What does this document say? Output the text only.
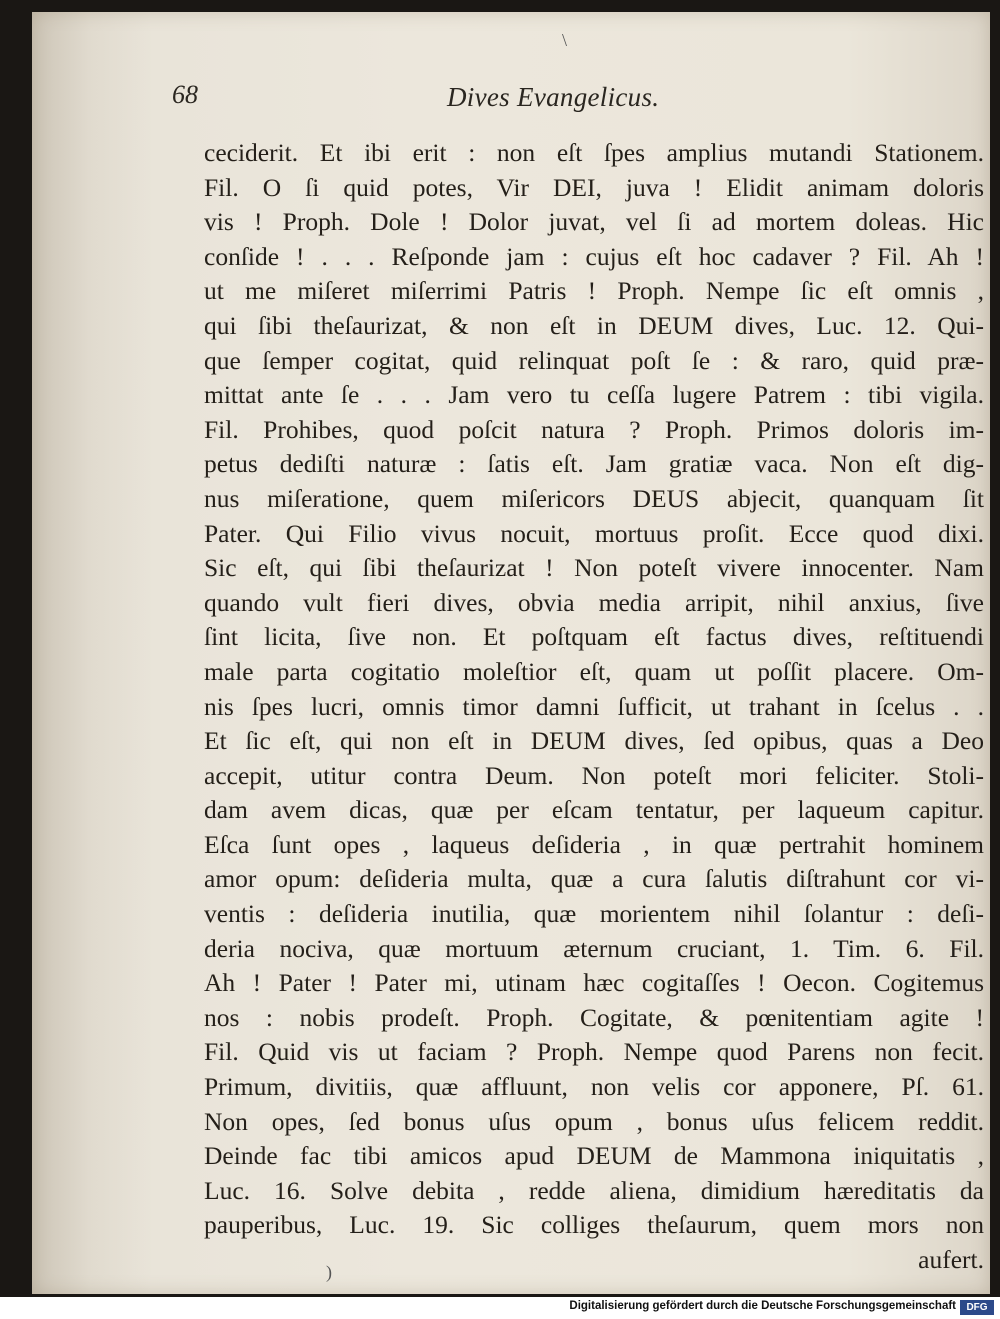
\
68	Dives Evangelicus.
ceciderit. Et ibi erit : non eſt ſpes amplius mutandi Stationem.
Fil. O ſi quid potes, Vir DEI, juva ! Elidit animam doloris
vis ! Proph. Dole ! Dolor juvat, vel ſi ad mortem doleas. Hic
conſide ! . . . Reſponde jam : cujus eſt hoc cadaver ? Fil. Ah !
ut me miſeret miſerrimi Patris ! Proph. Nempe ſic eſt omnis ,
qui ſibi theſaurizat, & non eſt in DEUM dives, Luc. 12. Qui-
que ſemper cogitat, quid relinquat poſt ſe : & raro, quid præ-
mittat ante ſe . . . Jam vero tu ceſſa lugere Patrem : tibi vigila.
Fil. Prohibes, quod poſcit natura ? Proph. Primos doloris im-
petus dediſti naturæ : ſatis eſt. Jam gratiæ vaca. Non eſt dig-
nus miſeratione, quem miſericors DEUS abjecit, quanquam ſit
Pater. Qui Filio vivus nocuit, mortuus proſit. Ecce quod dixi.
Sic eſt, qui ſibi theſaurizat ! Non poteſt vivere innocenter. Nam
quando vult fieri dives, obvia media arripit, nihil anxius, ſive
ſint licita, ſive non. Et poſtquam eſt factus dives, reſtituendi
male parta cogitatio moleſtior eſt, quam ut poſſit placere. Om-
nis ſpes lucri, omnis timor damni ſufficit, ut trahant in ſcelus . .
Et ſic eſt, qui non eſt in DEUM dives, ſed opibus, quas a Deo
accepit, utitur contra Deum. Non poteſt mori feliciter. Stoli-
dam avem dicas, quæ per eſcam tentatur, per laqueum capitur.
Eſca ſunt opes , laqueus deſideria , in quæ pertrahit hominem
amor opum: deſideria multa, quæ a cura ſalutis diſtrahunt cor vi-
ventis : deſideria inutilia, quæ morientem nihil ſolantur : deſi-
deria nociva, quæ mortuum æternum cruciant, 1. Tim. 6. Fil.
Ah ! Pater ! Pater mi, utinam hæc cogitaſſes ! Oecon. Cogitemus
nos : nobis prodeſt. Proph. Cogitate, & pœnitentiam agite !
Fil. Quid vis ut faciam ? Proph. Nempe quod Parens non fecit.
Primum, divitiis, quæ affluunt, non velis cor apponere, Pſ. 61.
Non opes, ſed bonus uſus opum , bonus uſus felicem reddit.
Deinde fac tibi amicos apud DEUM de Mammona iniquitatis ,
Luc. 16. Solve debita , redde aliena, dimidium hæreditatis da
pauperibus, Luc. 19. Sic colliges theſaurum, quem mors non
aufert.
)
Digitalisierung gefördert durch die Deutsche Forschungsgemeinschaft	DFG
